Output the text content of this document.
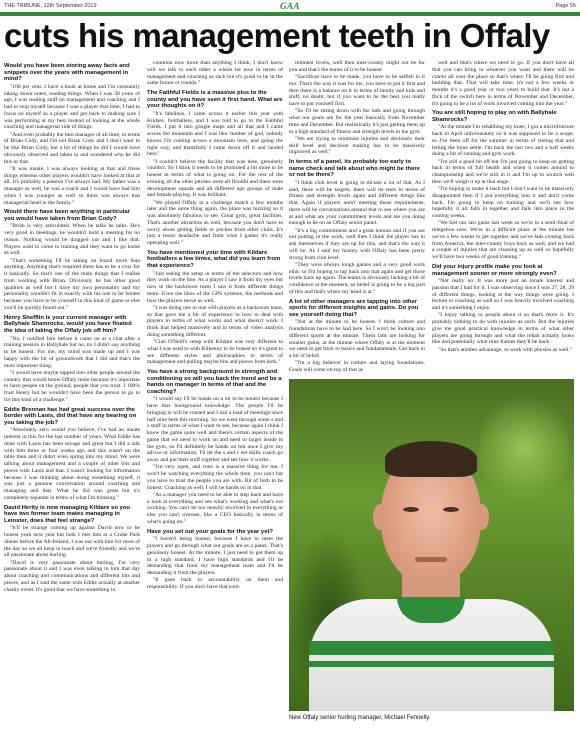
THE TRIBUNE, 12th September 2019	GAA	Page 55
cuts his management teeth in Offaly
Would you have been storing away facts and snippets over the years with management in mind?
"100 per cent. I have a book at home and I'm constantly taking down notes, reading things. When I was 30 years of age, I was reading stuff on management and coaching and I had to stop myself because I was a player that time, I had to focus on myself as a player and get back to making sure I was performing at my best instead of looking at the whole coaching and managerial side of things.
"And even probably the best manager of all time, in terms of Brian Cody, and I'm not Brian Cody and I don't want to be like Brian Cody, but a lot of things he did I would have obviously observed and taken in and wondered why he did this or that.
"It was innate, I was always looking at that and those things whereas other players wouldn't have looked at that at all. It's probably a passion I've always had. My father was a manager as well, he was a coach and I would have had him when I was younger as well so there was always that managerial head in the family."
Would there have been anything in particular you would have taken from Brian Cody?
"Brian is very articulated. When he talks he talks. He's very good in meetings, he wouldn't hold a meeting for no reason. Nothing would be dragged out and I like that. Players want to come to training and they want to go home as well.
"That's something I'll be taking on board more than anything. Anything that's required there has to be a crux for it basically. So that's one of the main things that I realise from working with Brian. Obviously he has other good qualities as well but I have my own personality and my personality wouldn't fit in exactly with his one to be honest because you have to be yourself in this kind of game or else you'll be quickly found out."
Henry Shefflin is your current manager with Ballyhale Shamrocks, would you have floated the idea of taking the Offaly job off him?
"No, I notified him before it came on at a chat after a training session in Ballyhale but no, no I didn't say anything to be honest. For me, my mind was made up and I was happy with the bit of groundwork that I did and that's the most important thing.
"I would have maybe tapped into other people around the country that would know Offaly more because it's important to have people on the ground, people that you trust. I 100% trust Henry but he wouldn't have been the person to go to for this kind of a challenge."
Eddie Brennan has had great success over the border with Laois, did that have any bearing on you taking the job?
"Absolutely zero would you believe, I've had an innate interest in this for the last number of years. What Eddie has done with Laois has been savage and great but I did a talk with him three or four weeks ago and this wasn't on the table then and it didn't even spring into my mind. We were talking about management and a couple of other bits and pieces with Laois and that. I wasn't looking for information because I was thinking about doing something myself, it was just a genuine conversation around coaching and managing and that. What he did was great but it's completely separate in terms of what I'm thinking."
David Herity is now managing Kildare so you have two former team mates managing in Leinster, does that feel strange?
"It'll be strange coming up against David now to be honest yeah next year but look I met him at a Croke Park dinner before the All-Ireland, I was out with him for most of the day so we all keep in touch and we're friendly and we're all passionate about hurling.
"David is very passionate about hurling, I'm very passionate about it and I was even talking to him that day about coaching and communications and different bits and pieces, and as I said the same with Eddie actually at another charity event. It's good that we have something in
common now more than anything I think, I don't know will we talk to each other a whole lot now in terms of management and coaching as such but it's good to be in the same forum or rounds."
The Faithful Fields is a massive plus to the county and you have seen it first hand. What are your thoughts on it?
"It's fabulous, I came across it earlier this year with Kildare, footballers, and I was told to go to the Faithful Fields. I put it into google maps and all that and I came across the mountain and I was like 'mother of god, nobody knows I'm coming across a mountain here, and going the right way, and thankfully I came down off it and landed here.'
"I couldn't believe the facility that was here, genuinely couldn't. So I think it needs to be promoted a bit more to be honest in terms of what is going on. For the rest of the evening all the other pitches were all floodlit and there were development squads and all different age groups of male and female playing. It was brilliant.
"We played Offaly in a challenge match a few months later and the same thing again, the place was buzzing so it was absolutely fabulous to see. Great gym, great facilities. That's another attraction as well, because you don't have to worry about getting fields or pitches from other clubs. It's just a lesser headache and from what I gather it's really operating well."
You have mentioned your time with Kildare footballers a few times, what did you learn from that experience?
"Just seeing the setup in terms of the selectors and how they work on the line. As a player I saw it from my eyes but now in the backroom team I saw it from different things more. Even the likes of the GPS systems, the methods and how the players move as well.
"I was doing one to one with players as a backroom team, so that gave me a bit of experience in how to deal with players in terms of what works and what doesn't work. I think that helped massively and in terms of video analysis doing something different.
"Cian O'Neill's setup with Kildare was very different to what I was used to with Kilkenny to be honest so it's great to see different styles and philosophies in terms of management and pulling maybe bits and pieces from both."
You have a strong background in strength and conditioning so will you back the trend and be a hands on manager in terms of that and the coaching?
"I would say I'll be hands on a lot to be honest because I have that background knowledge. The people I'll be bringing in will be trusted and I had a load of meetings since half nine here this morning. So we went through some s and s stuff in terms of what I want to see, because again I think I know the game quite well and there's certain aspects of the game that we need to work on and need to target inside in the gym, so I'll definitely be hands on but once I give my advice or information, I'll let the s and c set skills coach go away and put their stuff together and see how it works.
"I'm very open, and trust is a massive thing for me. I won't be watching everything the whole time, you can't but you have to trust the people you are with. Bit of both to be honest. Coaching as well, I will be hands on in that.
"As a manager you need to be able to step back and have a look at everything and see what's working and what's not working. You can't be too heavily involved in everything or else you can't oversee, like a CEO basically in terms of what's going on."
Have you set out your goals for the year yet?
"I haven't being honest, because I have to meet the players and go through what our goals are as a panel. That's genuinely honest. At the minute, I just need to get them up to a high standard, I have high standards and I'll be demanding that from my management team and I'll be demanding it from the players.
"It goes back to accountability on them and responsibility. If you don't have that com-
mitment levels, well then inter-county might not be for you and that's the bones of it to be honest.
"Sacrifices have to be made, you have to be selfish in it too. That's the way it was for me, you have to put it first and then there is a balance on it in terms of family and kids and stuff, no doubt, but if you want to be the best you really have to put yourself first.
"So I'll be sitting down with the lads and going through what our goals are for the year basically from November time and December. But realistically it's just getting them up to a high standard of fitness and strength levels in the gym.
"We are trying to minimise injuries and obviously their skill level and decision making has to be massively improved as well."
In terms of a panel, its probably too early to name check and talk about who might be there or not be there?
"I think club level is going to dictate a lot of that. As I said, there will be targets, there will be tests in terms of fitness and strength levels again and different things like that. Again if players aren't meeting those requirements, there will be conversations around that to see where you are at and what are your commitment levels and are you doing enough to be on an Offaly senior panel.
"It's a big commitment and a great honour and if you are not putting in the work, well then I think the player has to ask themselves if they are up for this, and that's the way it will be. As I said my history with Offaly has been pretty strong from club level.
"They were always tough games and a very good work ethic so I'm hoping to tap back into that again and get those levels back up again. The teams is obviously lacking a bit of confidence at the moment, so belief is going to be a big part of this and that's where my head is at."
A lot of other managers are tapping into other sports for different insights and gains. Do you see yourself doing that?
"Not at the minute to be honest. I think culture and foundations have to be laid here. So I won't be looking into different sports at the minute. Them lads are looking for smaller gains, at the minute where Offaly is at the moment we need to get back to basics and fundamentals. Get back to a bit of belief.
"I'm a big believer in culture and laying foundations. Goals will come on top of that as
well and that's where we need to go. If you don't have all that you can bring in whoever you want and there will be cracks all over the place so that's where I'll be going first and building that. That will take time, it's not a few weeks or months it's a good year or two years to build that. It's not a flick of the switch here in terms of November and December, it's going to be a lot of work involved coming into the year."
You are still hoping to play on with Ballyhale Shamrocks?
"At the minute I'm rehabbing my knee, I got a microfracture back in April unfortunately so it was supposed to be a scope, so I've been off for the summer in terms of resting that and letting the bone settle. I'm back the last two and a half weeks doing a bit of running and gym work.
"I'm still a good bit off but I'm just going to keep on getting back in terms of full health and when it comes around to championship and we're still in it and I'm up to scratch well then we'll weigh it up at that stage.
"I'm hoping to make it back but I don't want to be massively disappointed then if I put everything into it and don't come back. I'm going to keep on training and we'll see how hopefully it all falls in together and fails into place in the coming weeks.
"We lost our last game last week so we're in a semi-final of relegation now. We're in a difficult place at the minute but we've a few weeks to get together and we've lads coming back from America, the inter-county boys back as well, and we had a couple of injuries that are cleaning up as well so hopefully we'll have two weeks of good training."
Did your injury profile make you look at management sooner or more strongly even?
"Not really no. It was more just an innate interest and passion that I had for it. I was observing since I was 27, 28, 29 of different things, looking at the way things were going. I lecture in coaching as well so I was heavily involved coaching and it's something I enjoy.
"I enjoy talking to people about it so that's more it. It's probably nothing to do with injuries as such. But the injuries give me good practical knowledge in terms of what other players are going through and what the rehab actually looks like and potentially what time frames they'll be back.
"So that's another advantage, to work with physios as well."
New Offaly senior hurling manager, Michael Fennelly.
